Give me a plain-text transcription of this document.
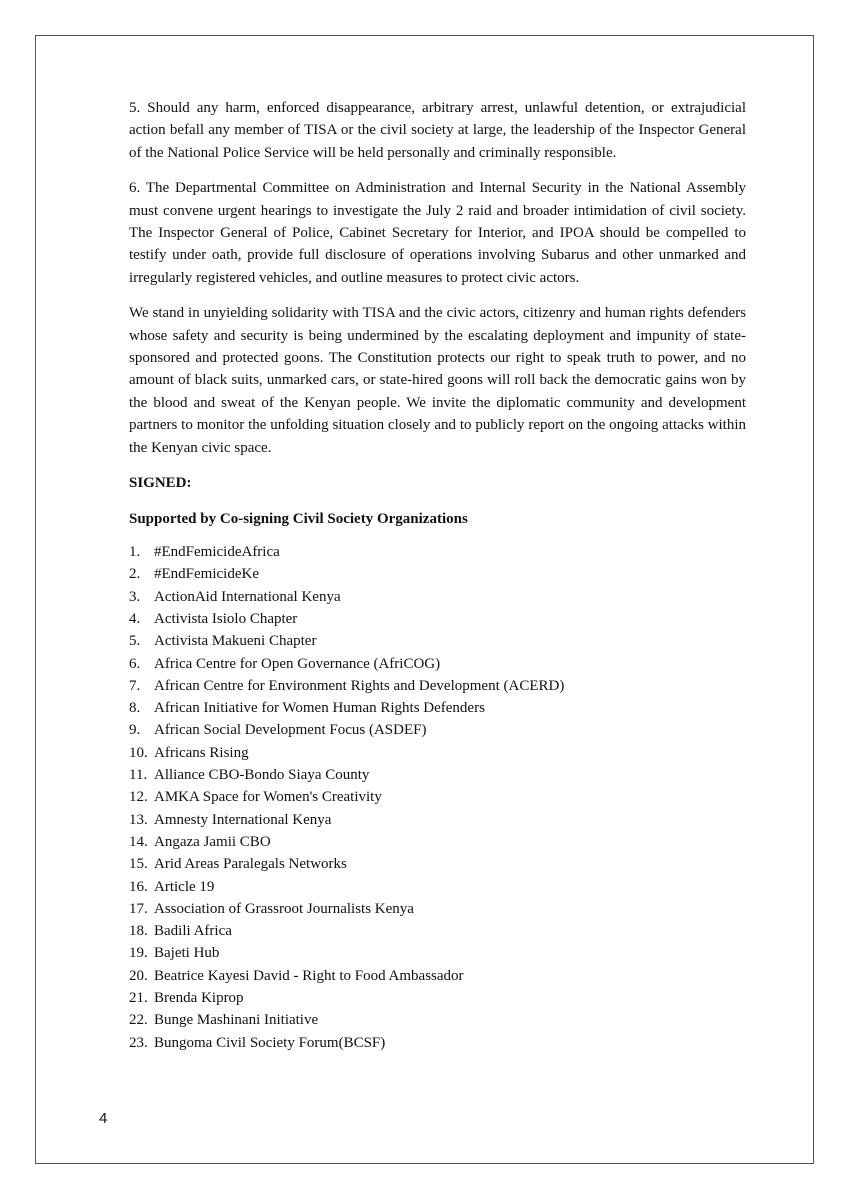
5. Should any harm, enforced disappearance, arbitrary arrest, unlawful detention, or extrajudicial action befall any member of TISA or the civil society at large, the leadership of the Inspector General of the National Police Service will be held personally and criminally responsible.

6. The Departmental Committee on Administration and Internal Security in the National Assembly must convene urgent hearings to investigate the July 2 raid and broader intimidation of civil society. The Inspector General of Police, Cabinet Secretary for Interior, and IPOA should be compelled to testify under oath, provide full disclosure of operations involving Subarus and other unmarked and irregularly registered vehicles, and outline measures to protect civic actors.

We stand in unyielding solidarity with TISA and the civic actors, citizenry and human rights defenders whose safety and security is being undermined by the escalating deployment and impunity of state- sponsored and protected goons. The Constitution protects our right to speak truth to power, and no amount of black suits, unmarked cars, or state-hired goons will roll back the democratic gains won by the blood and sweat of the Kenyan people. We invite the diplomatic community and development partners to monitor the unfolding situation closely and to publicly report on the ongoing attacks within the Kenyan civic space.

SIGNED:
Supported by Co-signing Civil Society Organizations
1. #EndFemicideAfrica
2. #EndFemicideKe
3. ActionAid International Kenya
4. Activista Isiolo Chapter
5. Activista Makueni Chapter
6. Africa Centre for Open Governance (AfriCOG)
7. African Centre for Environment Rights and Development (ACERD)
8. African Initiative for Women Human Rights Defenders
9. African Social Development Focus (ASDEF)
10. Africans Rising
11. Alliance CBO-Bondo Siaya County
12. AMKA Space for Women's Creativity
13. Amnesty International Kenya
14. Angaza Jamii CBO
15. Arid Areas Paralegals Networks
16. Article 19
17. Association of Grassroot Journalists Kenya
18. Badili Africa
19. Bajeti Hub
20. Beatrice Kayesi David - Right to Food Ambassador
21. Brenda Kiprop
22. Bunge Mashinani Initiative
23. Bungoma Civil Society Forum(BCSF)
4
